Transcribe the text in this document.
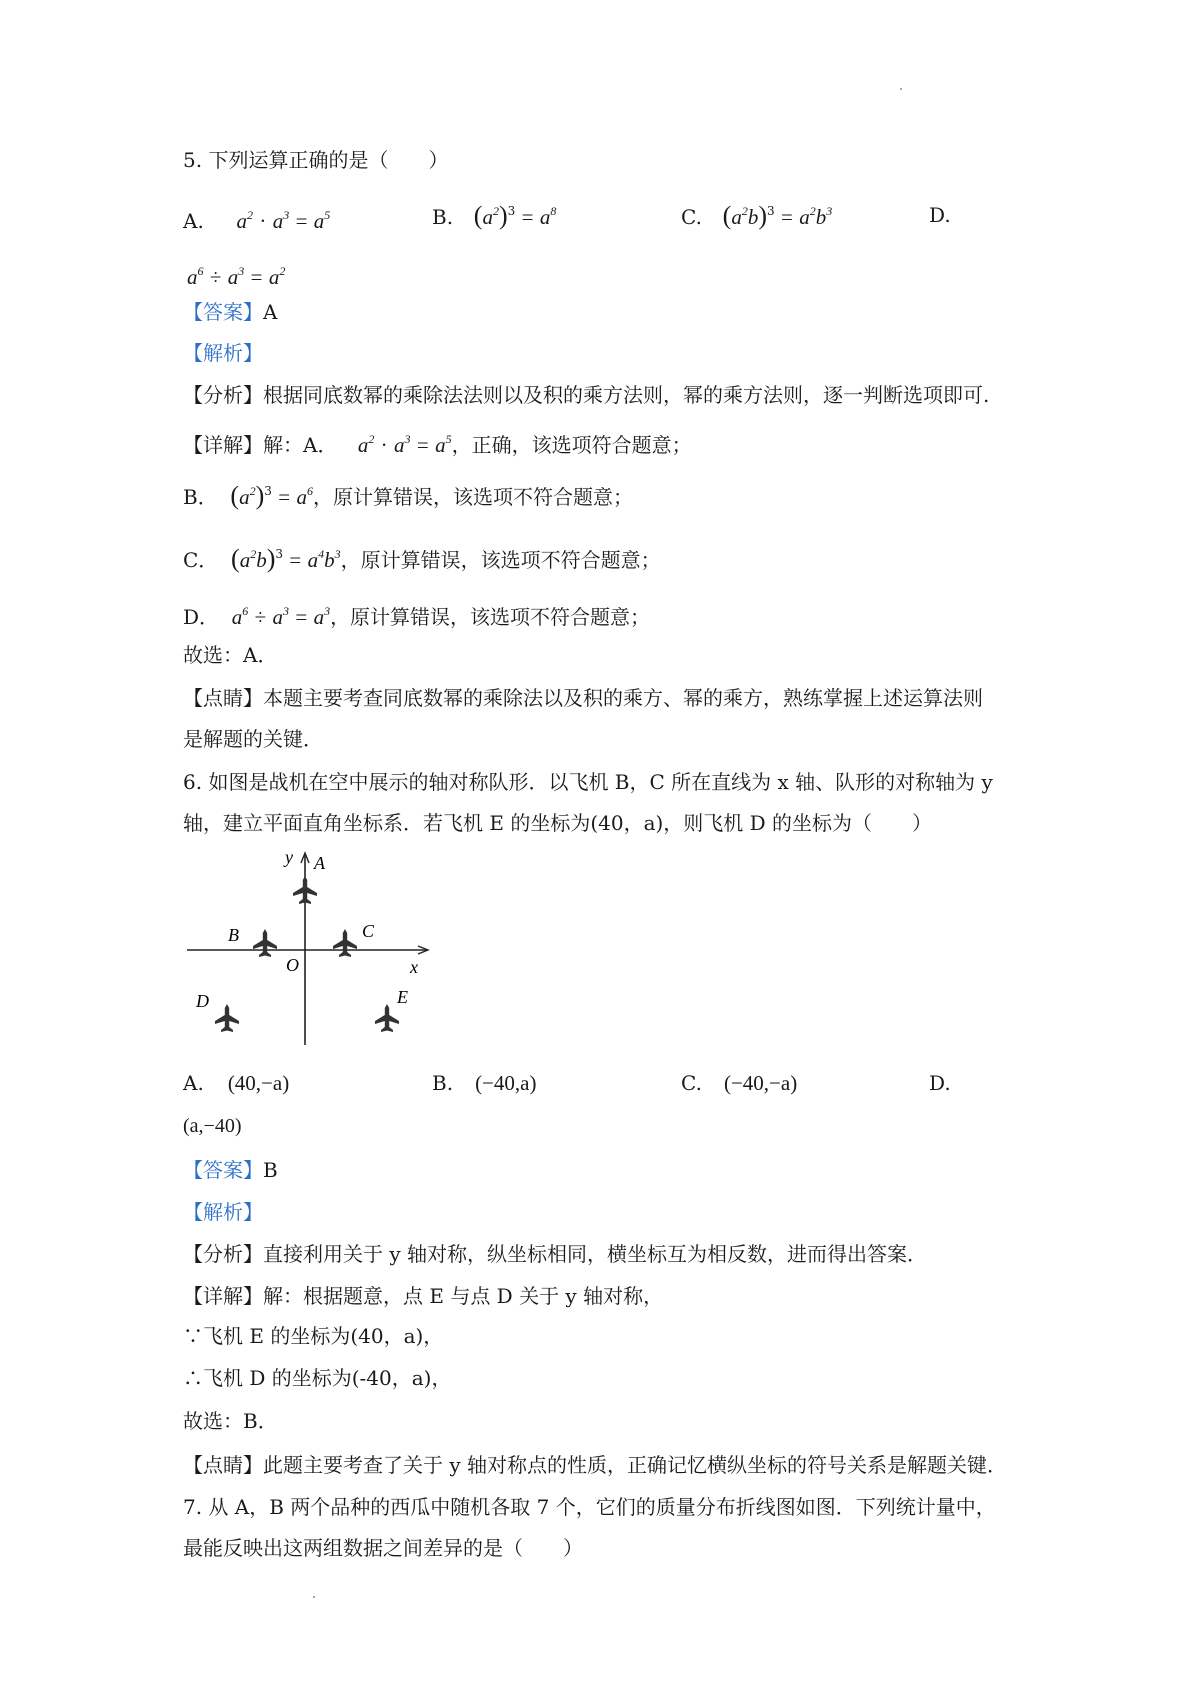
5. 下列运算正确的是（　　）
A.  $a^2 \cdot a^3 = a^5$	B.  $(a^2)^3 = a^8$	C.  $(a^2b)^3 = a^2b^3$	D.
$a^6 \div a^3 = a^2$
【答案】A
【解析】
【分析】根据同底数幂的乘除法法则以及积的乘方法则，幂的乘方法则，逐一判断选项即可.
【详解】解：A． $a^2 \cdot a^3 = a^5$，正确，该选项符合题意；
B．  $(a^2)^3 = a^6$，原计算错误，该选项不符合题意；
C．  $(a^2b)^3 = a^4b^3$，原计算错误，该选项不符合题意；
D．  $a^6 \div a^3 = a^3$，原计算错误，该选项不符合题意；
故选：A．
【点睛】本题主要考查同底数幂的乘除法以及积的乘方、幂的乘方，熟练掌握上述运算法则
是解题的关键．
6. 如图是战机在空中展示的轴对称队形．以飞机 B，C 所在直线为 x 轴、队形的对称轴为 y
轴，建立平面直角坐标系．若飞机 E 的坐标为(40，a)，则飞机 D 的坐标为（　　）
y A
B	C
O	x
D	E
A. (40,−a)	B. (−40,a)	C. (−40,−a)	D.
(a,−40)
【答案】B
【解析】
【分析】直接利用关于 y 轴对称，纵坐标相同，横坐标互为相反数，进而得出答案．
【详解】解：根据题意，点 E 与点 D 关于 y 轴对称，
∵飞机 E 的坐标为(40，a)，
∴飞机 D 的坐标为(-40，a)，
故选：B．
【点睛】此题主要考查了关于 y 轴对称点的性质，正确记忆横纵坐标的符号关系是解题关键．
7. 从 A，B 两个品种的西瓜中随机各取 7 个，它们的质量分布折线图如图．下列统计量中，
最能反映出这两组数据之间差异的是（　　）
